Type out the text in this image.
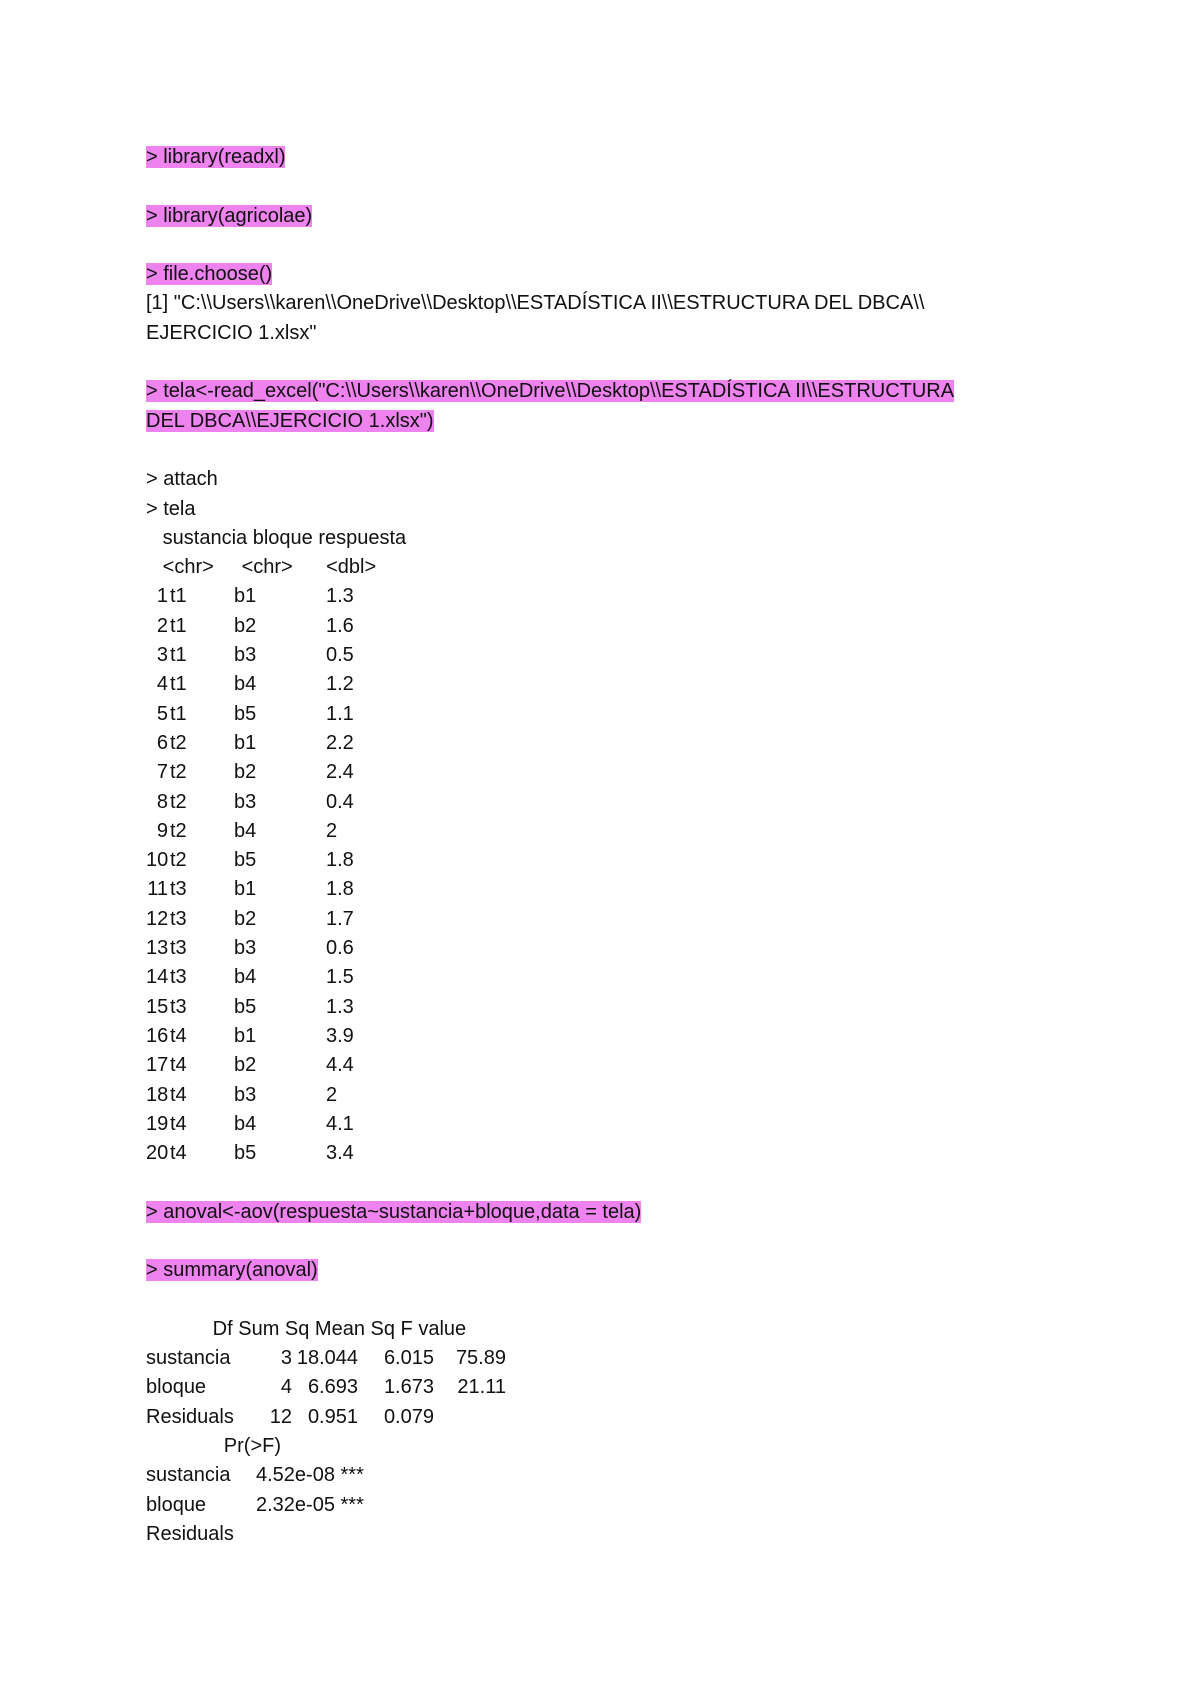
> library(readxl)
> library(agricolae)
> file.choose()
[1] "C:\\Users\\karen\\OneDrive\\Desktop\\ESTADÍSTICA II\\ESTRUCTURA DEL DBCA\\
EJERCICIO 1.xlsx"
> tela<-read_excel("C:\\Users\\karen\\OneDrive\\Desktop\\ESTADÍSTICA II\\ESTRUCTURA
DEL DBCA\\EJERCICIO 1.xlsx")
> attach
> tela
sustancia bloque respuesta
<chr>     <chr>      <dbl>
1 t1	b1	1.3
2 t1	b2	1.6
3 t1	b3	0.5
4 t1	b4	1.2
5 t1	b5	1.1
6 t2	b1	2.2
7 t2	b2	2.4
8 t2	b3	0.4
9 t2	b4	2
10 t2	b5	1.8
11 t3	b1	1.8
12 t3	b2	1.7
13 t3	b3	0.6
14 t3	b4	1.5
15 t3	b5	1.3
16 t4	b1	3.9
17 t4	b2	4.4
18 t4	b3	2
19 t4	b4	4.1
20 t4	b5	3.4
> anoval<-aov(respuesta~sustancia+bloque,data = tela)
> summary(anoval)
Df Sum Sq Mean Sq F value
sustancia	3 18.044	6.015	75.89
bloque	4 6.693	1.673	21.11
Residuals	12 0.951	0.079
Pr(>F)
sustancia	4.52e-08 ***
bloque	2.32e-05 ***
Residuals
